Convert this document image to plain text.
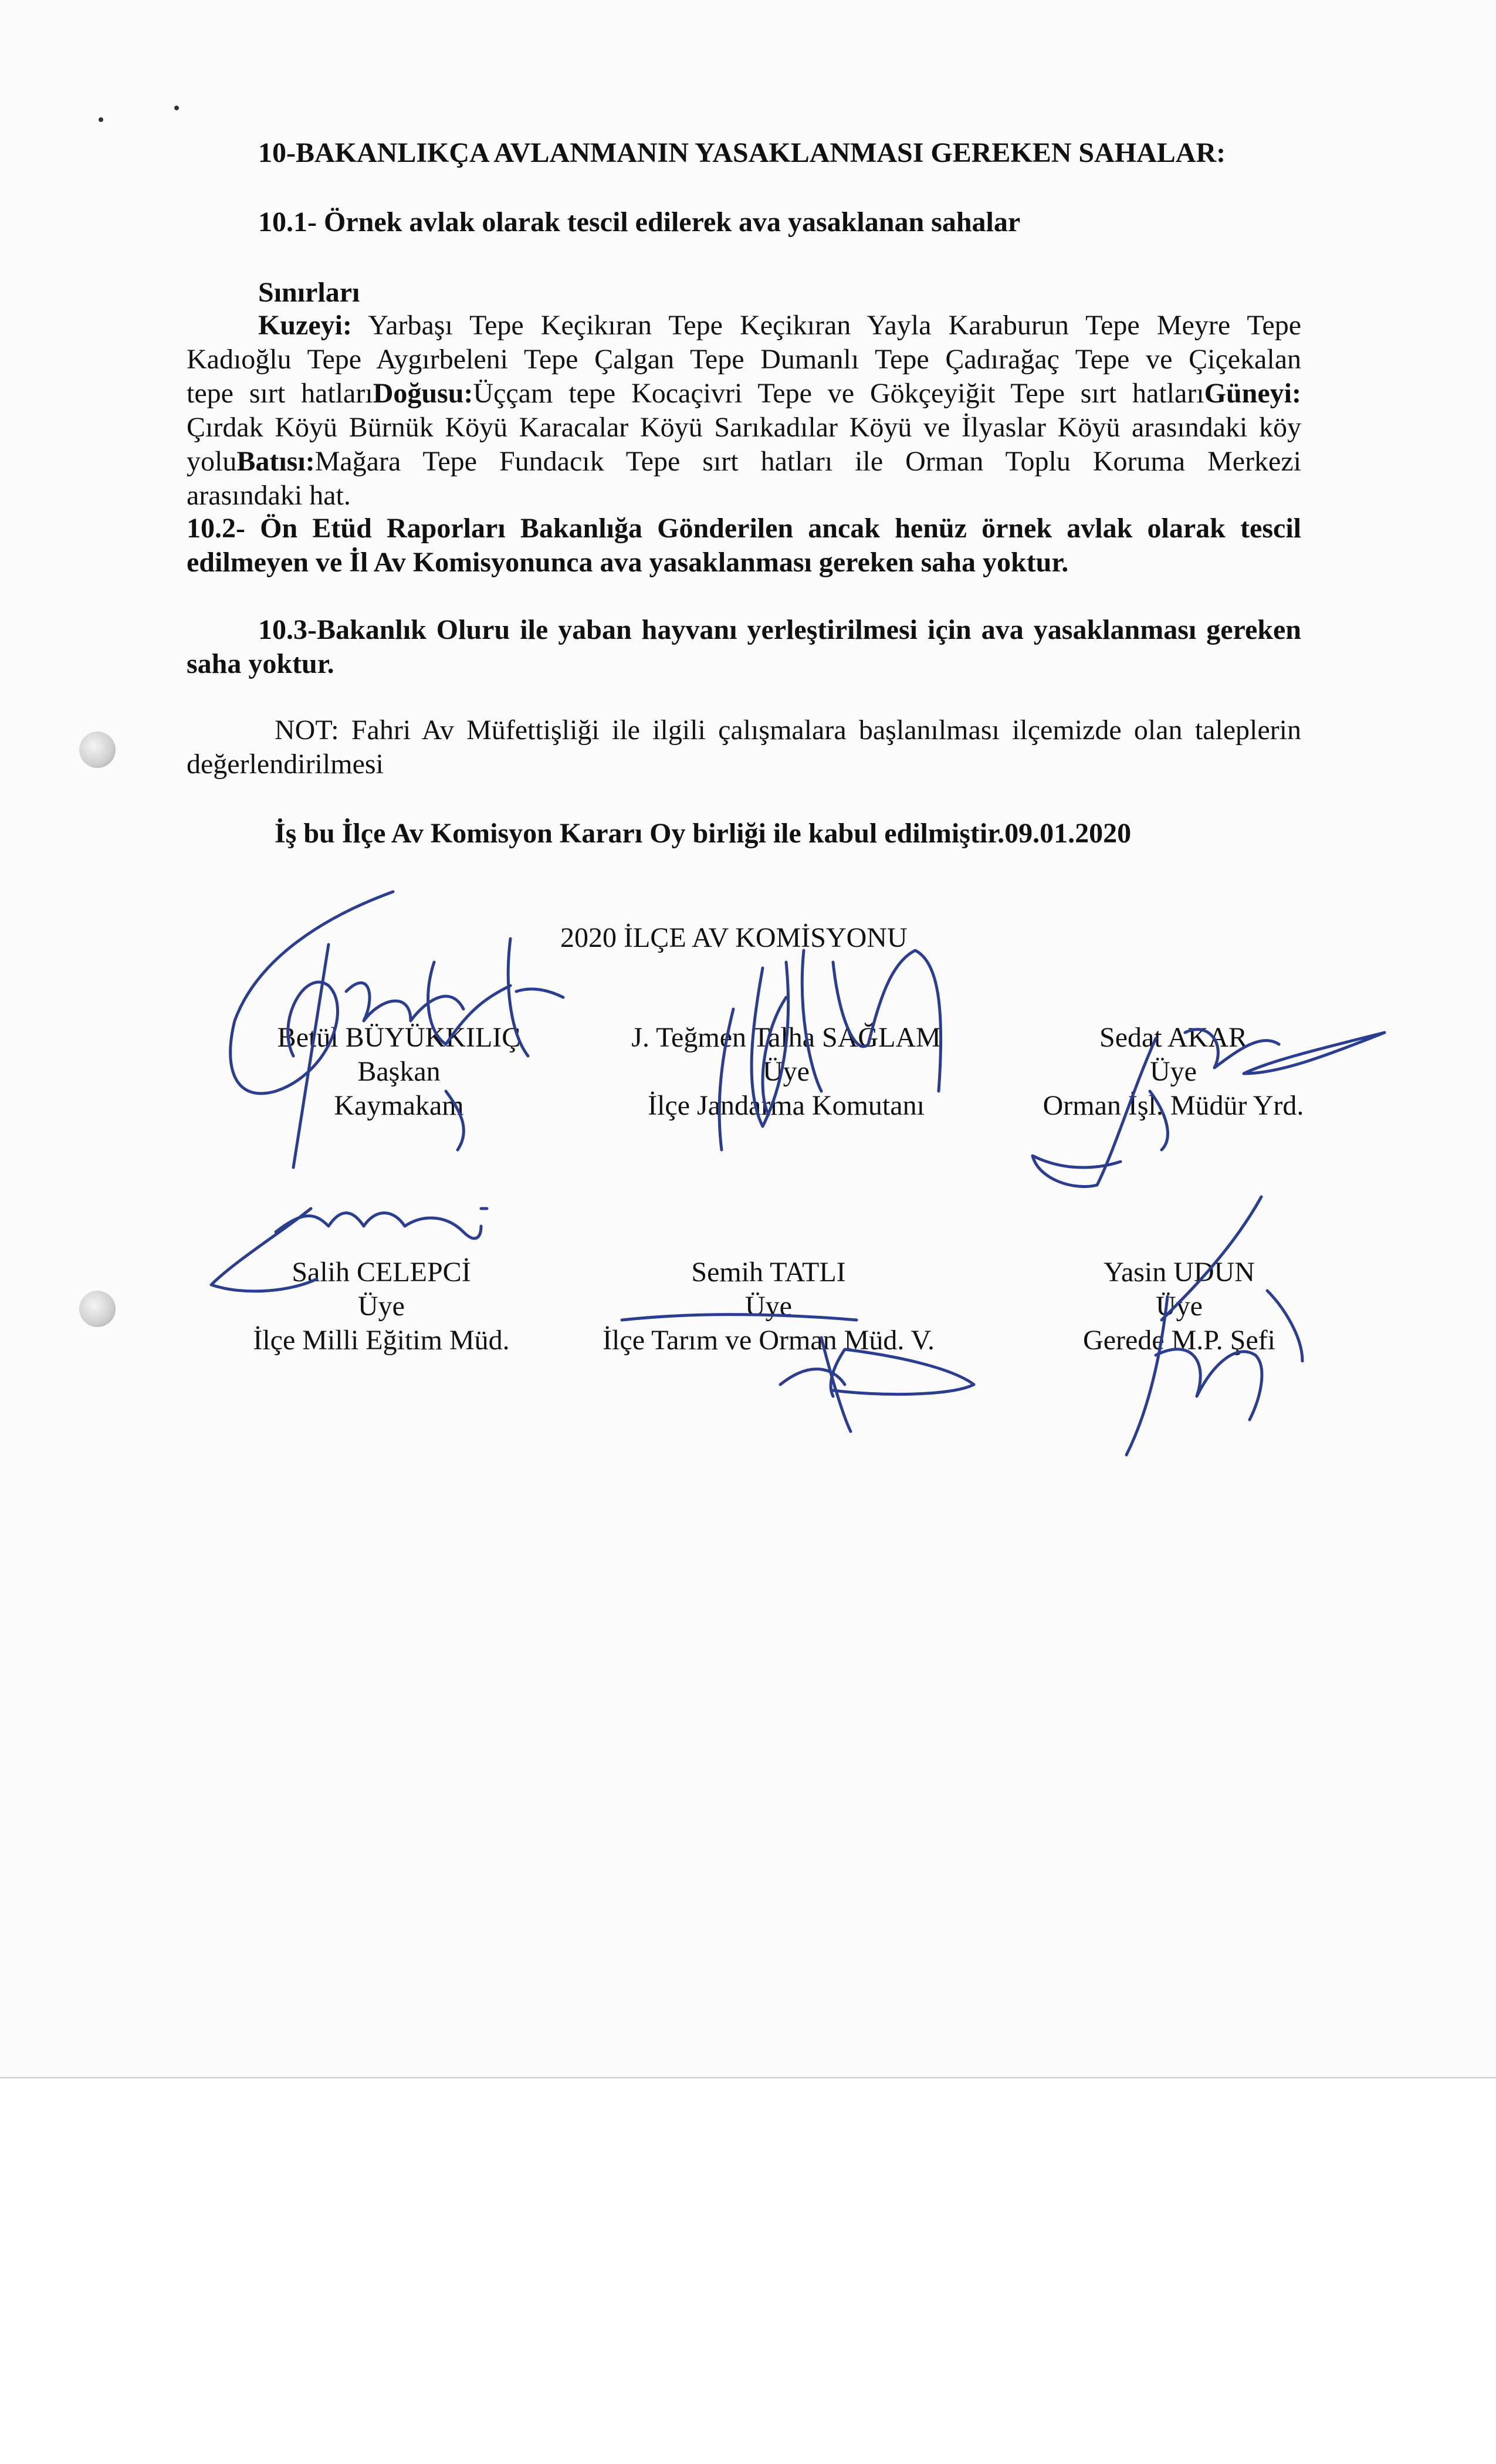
10-BAKANLIKÇA AVLANMANIN YASAKLANMASI GEREKEN SAHALAR:
10.1- Örnek avlak olarak tescil edilerek ava yasaklanan sahalar
Sınırları
Kuzeyi: Yarbaşı Tepe Keçikıran Tepe Keçikıran Yayla Karaburun Tepe Meyre Tepe
Kadıoğlu Tepe Aygırbeleni Tepe Çalgan Tepe Dumanlı Tepe Çadırağaç Tepe ve Çiçekalan
tepe sırt hatlarıDoğusu:Üççam tepe Kocaçivri Tepe ve Gökçeyiğit Tepe sırt hatlarıGüneyi:
Çırdak Köyü Bürnük Köyü Karacalar Köyü Sarıkadılar Köyü ve İlyaslar Köyü arasındaki köy
yoluBatısı:Mağara Tepe Fundacık Tepe sırt hatları ile Orman Toplu Koruma Merkezi
arasındaki hat.
10.2- Ön Etüd Raporları Bakanlığa Gönderilen ancak henüz örnek avlak olarak tescil edilmeyen ve İl Av Komisyonunca ava yasaklanması gereken saha yoktur.
10.3-Bakanlık Oluru ile yaban hayvanı yerleştirilmesi için ava yasaklanması gereken saha yoktur.
NOT: Fahri Av Müfettişliği ile ilgili çalışmalara başlanılması ilçemizde olan taleplerin değerlendirilmesi
İş bu İlçe Av Komisyon Kararı Oy birliği ile kabul edilmiştir.09.01.2020
2020 İLÇE AV KOMİSYONU
Betül BÜYÜKKILIÇ
Başkan
Kaymakam
J. Teğmen Talha SAĞLAM
Üye
İlçe Jandarma Komutanı
Sedat AKAR
Üye
Orman İşl. Müdür Yrd.
Salih CELEPCİ
Üye
İlçe Milli Eğitim Müd.
Semih TATLI
Üye
İlçe Tarım ve Orman Müd. V.
Yasin UDUN
Üye
Gerede M.P. Şefi
